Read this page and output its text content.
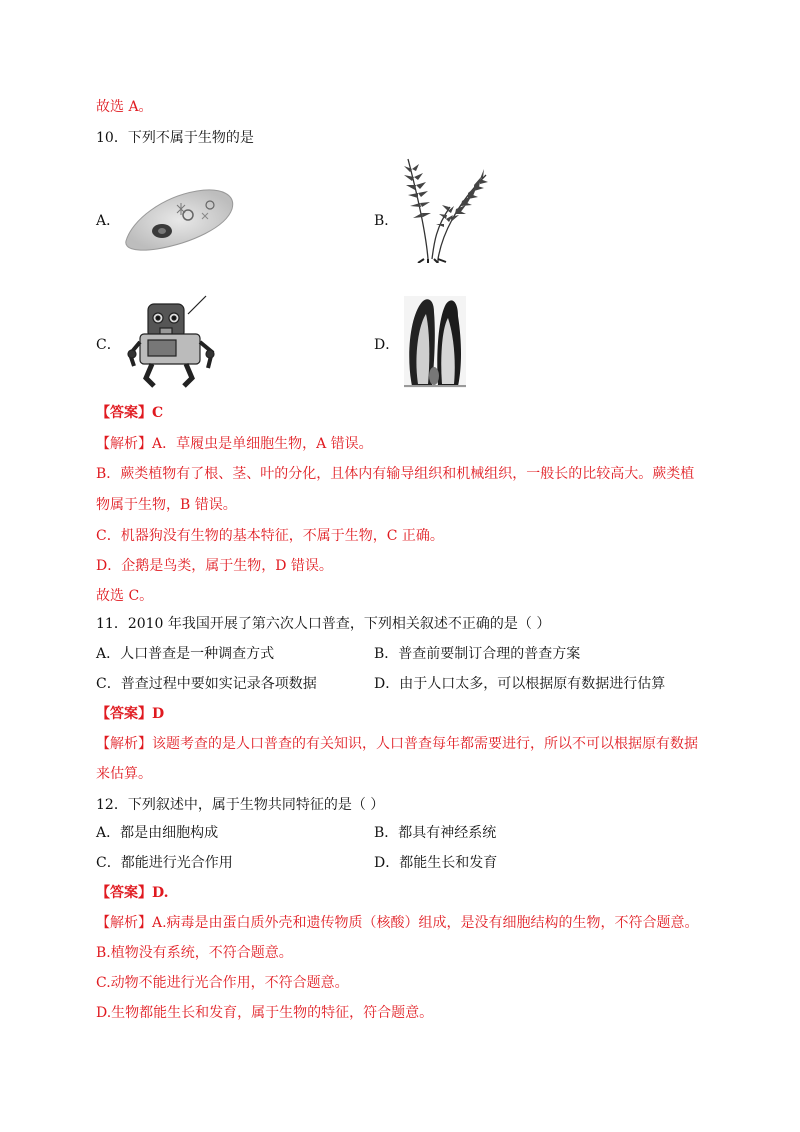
故选 A。
10．下列不属于生物的是
A．	B．
C．	D．
【答案】C
【解析】A．草履虫是单细胞生物，A 错误。
B．蕨类植物有了根、茎、叶的分化，且体内有输导组织和机械组织，一般长的比较高大。蕨类植
物属于生物，B 错误。
C．机器狗没有生物的基本特征，不属于生物，C 正确。
D．企鹅是鸟类，属于生物，D 错误。
故选 C。
11．2010 年我国开展了第六次人口普查，下列相关叙述不正确的是（ ）
A．人口普查是一种调查方式	B．普查前要制订合理的普查方案
C．普查过程中要如实记录各项数据	D．由于人口太多，可以根据原有数据进行估算
【答案】D
【解析】该题考查的是人口普查的有关知识，人口普查每年都需要进行，所以不可以根据原有数据
来估算。
12．下列叙述中，属于生物共同特征的是（ ）
A．都是由细胞构成	B．都具有神经系统
C．都能进行光合作用	D．都能生长和发育
【答案】D.
【解析】A.病毒是由蛋白质外壳和遗传物质（核酸）组成，是没有细胞结构的生物，不符合题意。
B.植物没有系统，不符合题意。
C.动物不能进行光合作用，不符合题意。
D.生物都能生长和发育，属于生物的特征，符合题意。
